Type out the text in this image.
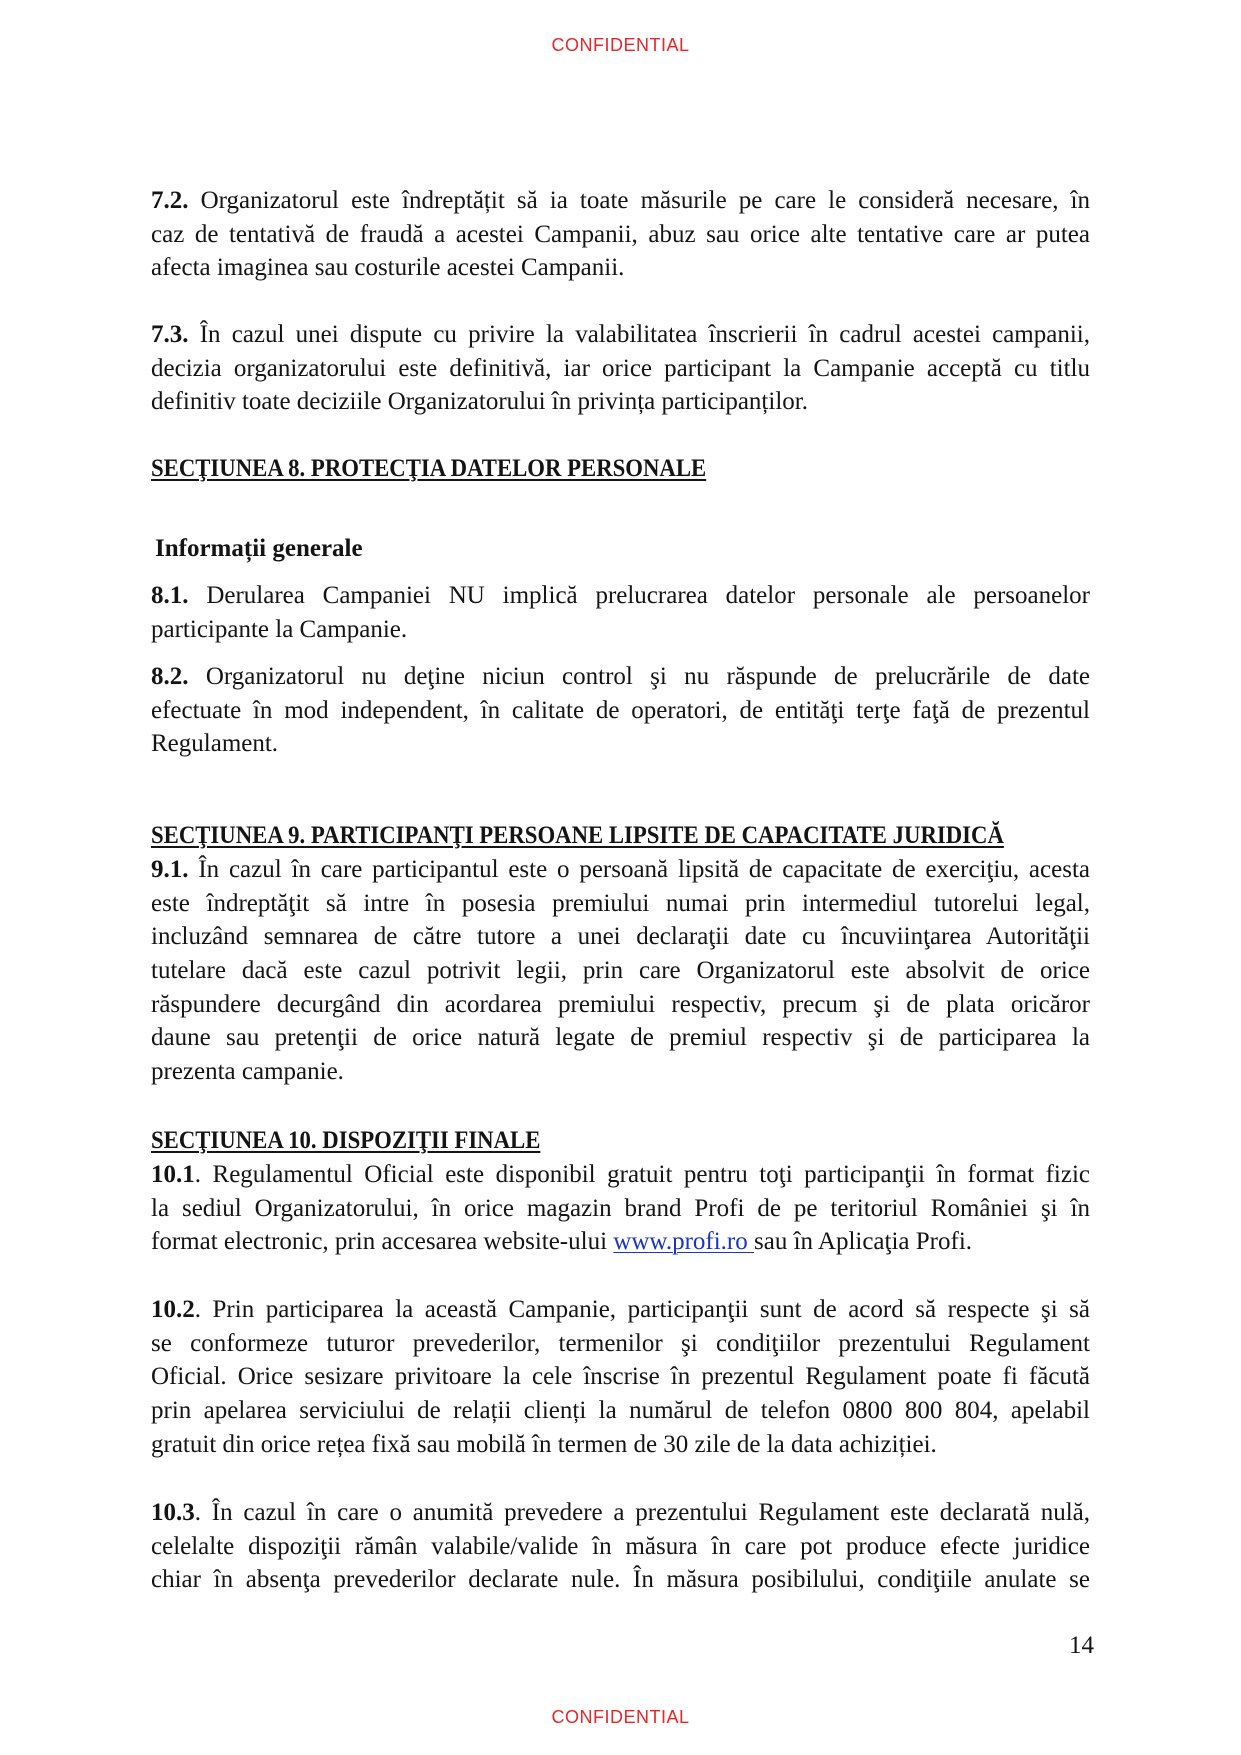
CONFIDENTIAL
7.2. Organizatorul este îndreptățit să ia toate măsurile pe care le consideră necesare, în
caz de tentativă de fraudă a acestei Campanii, abuz sau orice alte tentative care ar putea
afecta imaginea sau costurile acestei Campanii.
7.3. În cazul unei dispute cu privire la valabilitatea înscrierii în cadrul acestei campanii,
decizia organizatorului este definitivă, iar orice participant la Campanie acceptă cu titlu
definitiv toate deciziile Organizatorului în privința participanților.
SECŢIUNEA 8. PROTECŢIA DATELOR PERSONALE
Informații generale
8.1. Derularea Campaniei NU implică prelucrarea datelor personale ale persoanelor
participante la Campanie.
8.2. Organizatorul nu deţine niciun control şi nu răspunde de prelucrările de date
efectuate în mod independent, în calitate de operatori, de entităţi terţe faţă de prezentul
Regulament.
SECŢIUNEA 9. PARTICIPANŢI PERSOANE LIPSITE DE CAPACITATE JURIDICĂ
9.1. În cazul în care participantul este o persoană lipsită de capacitate de exerciţiu, acesta
este îndreptăţit să intre în posesia premiului numai prin intermediul tutorelui legal,
incluzând semnarea de către tutore a unei declaraţii date cu încuviinţarea Autorităţii
tutelare dacă este cazul potrivit legii, prin care Organizatorul este absolvit de orice
răspundere decurgând din acordarea premiului respectiv, precum şi de plata oricăror
daune sau pretenţii de orice natură legate de premiul respectiv şi de participarea la
prezenta campanie.
SECŢIUNEA 10. DISPOZIŢII FINALE
10.1. Regulamentul Oficial este disponibil gratuit pentru toţi participanţii în format fizic
la sediul Organizatorului, în orice magazin brand Profi de pe teritoriul României şi în
format electronic, prin accesarea website-ului www.profi.ro sau în Aplicaţia Profi.
10.2. Prin participarea la această Campanie, participanţii sunt de acord să respecte şi să
se conformeze tuturor prevederilor, termenilor şi condiţiilor prezentului Regulament
Oficial. Orice sesizare privitoare la cele înscrise în prezentul Regulament poate fi făcută
prin apelarea serviciului de relații clienți la numărul de telefon 0800 800 804, apelabil
gratuit din orice rețea fixă sau mobilă în termen de 30 zile de la data achiziției.
10.3. În cazul în care o anumită prevedere a prezentului Regulament este declarată nulă,
celelalte dispoziţii rămân valabile/valide în măsura în care pot produce efecte juridice
chiar în absenţa prevederilor declarate nule. În măsura posibilului, condiţiile anulate se
14
CONFIDENTIAL
